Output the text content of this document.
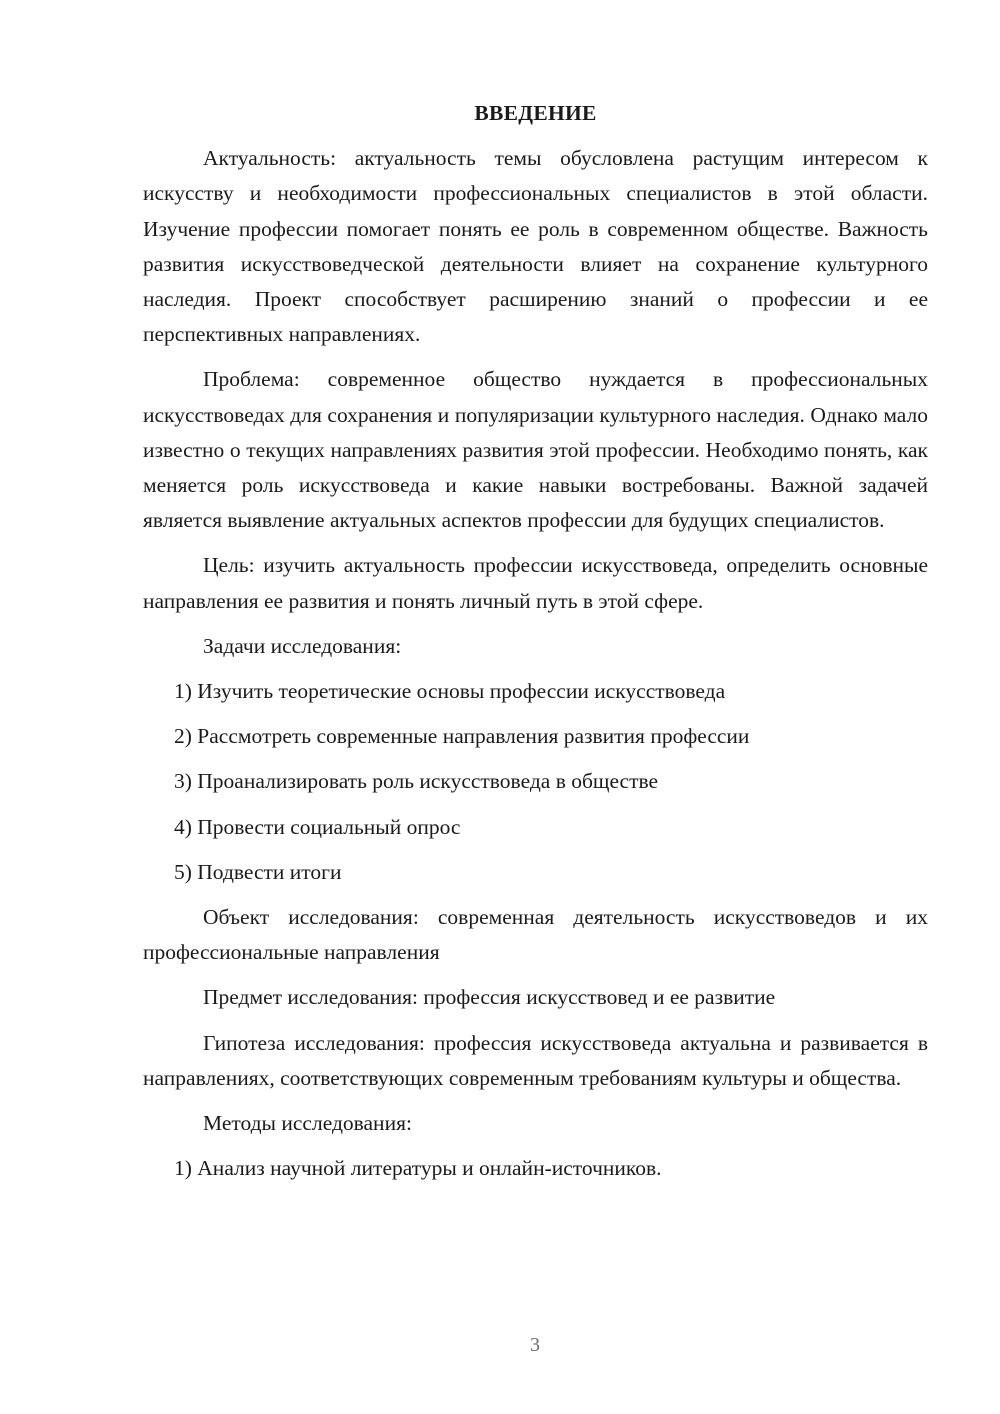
ВВЕДЕНИЕ

Актуальность: актуальность темы обусловлена растущим интересом к искусству и необходимости профессиональных специалистов в этой области. Изучение профессии помогает понять ее роль в современном обществе. Важность развития искусствоведческой деятельности влияет на сохранение культурного наследия. Проект способствует расширению знаний о профессии и ее перспективных направлениях.

Проблема: современное общество нуждается в профессиональных искусствоведах для сохранения и популяризации культурного наследия. Однако мало известно о текущих направлениях развития этой профессии. Необходимо понять, как меняется роль искусствоведа и какие навыки востребованы. Важной задачей является выявление актуальных аспектов профессии для будущих специалистов.

Цель: изучить актуальность профессии искусствоведа, определить основные направления ее развития и понять личный путь в этой сфере.

Задачи исследования:

1) Изучить теоретические основы профессии искусствоведа
2) Рассмотреть современные направления развития профессии
3) Проанализировать роль искусствоведа в обществе
4) Провести социальный опрос
5) Подвести итоги

Объект исследования: современная деятельность искусствоведов и их профессиональные направления

Предмет исследования: профессия искусствовед и ее развитие

Гипотеза исследования: профессия искусствоведа актуальна и развивается в направлениях, соответствующих современным требованиям культуры и общества.

Методы исследования:

1) Анализ научной литературы и онлайн-источников.
3
